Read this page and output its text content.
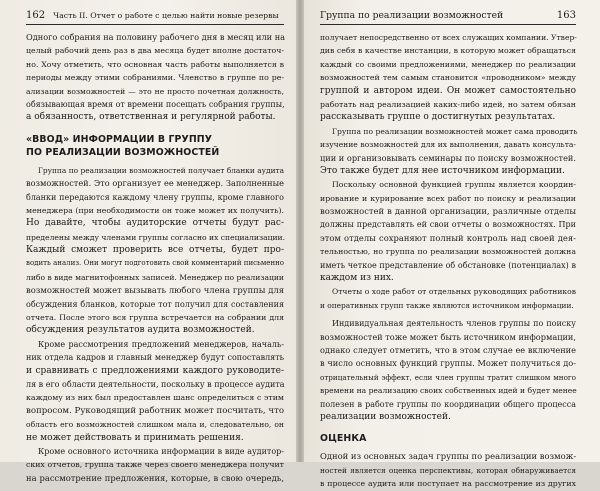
162 Часть II. Отчет о работе с целью найти новые резервы
Одного собрания на половину рабочего дня в месяц или на
целый рабочий день раз в два месяца будет вполне достаточ-
но. Хочу отметить, что основная часть работы выполняется в
периоды между этими собраниями. Членство в группе по ре-
ализации возможностей — это не просто почетная должность,
обязывающая время от времени посещать собрания группы,
а обязанность, ответственная и регулярной работы.
«ВВОД» ИНФОРМАЦИИ В ГРУППУ
ПО РЕАЛИЗАЦИИ ВОЗМОЖНОСТЕЙ
Группа по реализации возможностей получает бланки аудита
возможностей. Это организует ее менеджер. Заполненные
бланки передаются каждому члену группы, кроме главного
менеджера (при необходимости он тоже может их получить).
Но давайте, чтобы аудиторские отчеты будут рас-
пределены между членами группы согласно их специализации.
Каждый сможет проверить все отчеты, будет про-
водить анализ. Они могут подготовить свой комментарий письменно
либо в виде магнитофонных записей. Менеджер по реализации
возможностей может вызывать любого члена группы для
обсуждения бланков, которые тот получил для составления
отчета. После этого вся группа встречается на собрании для
обсуждения результатов аудита возможностей.
Кроме рассмотрения предложений менеджеров, началь-
ник отдела кадров и главный менеджер будут сопоставлять
и сравнивать с предложениями каждого руководите-
ля в его области деятельности, поскольку в процессе аудита
каждому из них был предоставлен шанс определиться с этим
вопросом. Руководящий работник может посчитать, что
область его возможностей слишком мала и, следовательно, он
не может действовать и принимать решения.
Кроме основного источника информации в виде аудитор-
ских отчетов, группа также через своего менеджера получит
на рассмотрение предложения, которые, в свою очередь,
Группа по реализации возможностей	163
получает непосредственно от всех служащих компании. Утвер-
див себя в качестве инстанции, в которую может обращаться
каждый со своими предложениями, менеджер по реализации
возможностей тем самым становится «проводником» между
группой и автором идеи. Он может самостоятельно
работать над реализацией каких-либо идей, но затем обязан
рассказывать группе о достигнутых результатах.
Группа по реализации возможностей может сама проводить
изучение возможностей для их выполнения, давать консульта-
ции и организовывать семинары по поиску возможностей.
Это также будет для нее источником информации.
Поскольку основной функцией группы является координ-
ирование и курирование всех работ по поиску и реализации
возможностей в данной организации, различные отделы
должны представлять ей свои отчеты о возможностях. При
этом отделы сохраняют полный контроль над своей дея-
тельностью, но группа по реализации возможностей должна
иметь четкое представление об обстановке (потенциалах) в
каждом из них.
Отчеты о ходе работ от отдельных руководящих работников
и оперативных групп также являются источником информации.
Индивидуальная деятельность членов группы по поиску
возможностей тоже может быть источником информации,
однако следует отметить, что в этом случае ее включение
в число основных функций группы. Может получиться до-
отрицательный эффект, если член группы тратит слишком много
времени на реализацию своих собственных идей и будет менее
полезен в работе группы по координации общего процесса
реализации возможностей.
ОЦЕНКА
Одной из основных задач группы по реализации возмож-
ностей является оценка перспективы, которая обнаруживается
в процессе аудита или поступает на рассмотрение из других
